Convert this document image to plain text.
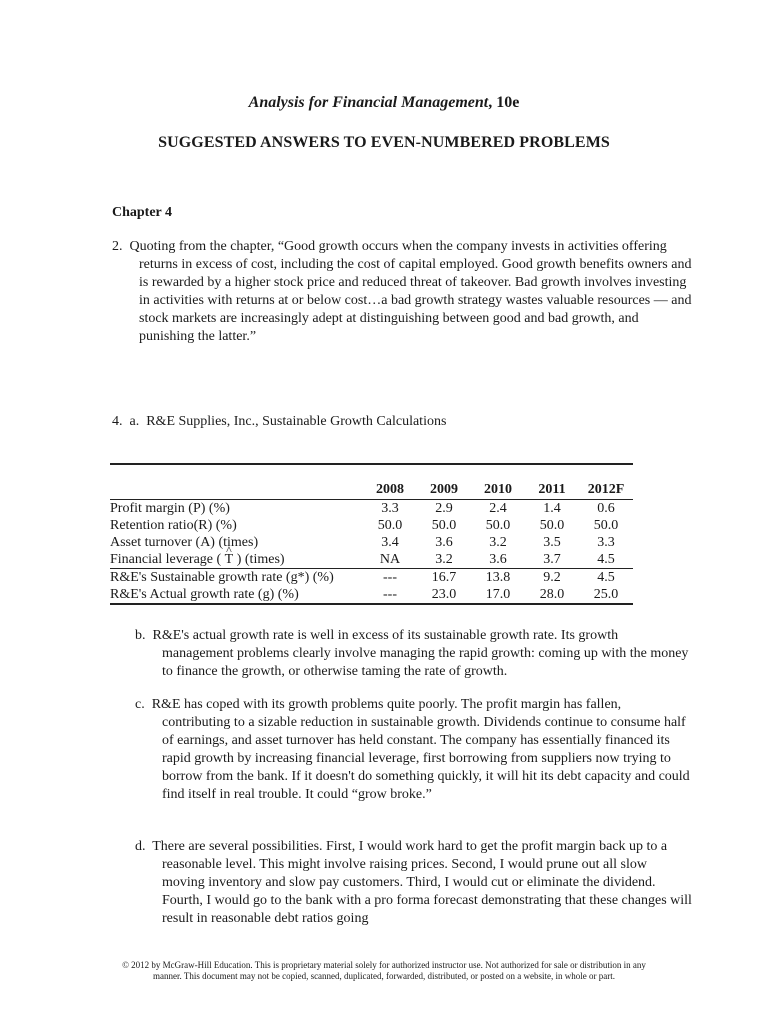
Analysis for Financial Management, 10e
SUGGESTED ANSWERS TO EVEN-NUMBERED PROBLEMS
Chapter 4
2. Quoting from the chapter, “Good growth occurs when the company invests in activities offering returns in excess of cost, including the cost of capital employed. Good growth benefits owners and is rewarded by a higher stock price and reduced threat of takeover. Bad growth involves investing in activities with returns at or below cost…a bad growth strategy wastes valuable resources — and stock markets are increasingly adept at distinguishing between good and bad growth, and punishing the latter.”
4. a. R&E Supplies, Inc., Sustainable Growth Calculations

	2008	2009	2010	2011	2012F
Profit margin (P) (%)	3.3	2.9	2.4	1.4	0.6
Retention ratio(R) (%)	50.0	50.0	50.0	50.0	50.0
Asset turnover (A) (times)	3.4	3.6	3.2	3.5	3.3
Financial leverage ( ^ T ) (times)	NA	3.2	3.6	3.7	4.5
R&E's Sustainable growth rate (g*) (%)	---	16.7	13.8	9.2	4.5
R&E's Actual growth rate (g) (%)	---	23.0	17.0	28.0	25.0
b. R&E's actual growth rate is well in excess of its sustainable growth rate. Its growth management problems clearly involve managing the rapid growth: coming up with the money to finance the growth, or otherwise taming the rate of growth.
c. R&E has coped with its growth problems quite poorly. The profit margin has fallen, contributing to a sizable reduction in sustainable growth. Dividends continue to consume half of earnings, and asset turnover has held constant. The company has essentially financed its rapid growth by increasing financial leverage, first borrowing from suppliers now trying to borrow from the bank. If it doesn't do something quickly, it will hit its debt capacity and could find itself in real trouble. It could “grow broke.”
d. There are several possibilities. First, I would work hard to get the profit margin back up to a reasonable level. This might involve raising prices. Second, I would prune out all slow moving inventory and slow pay customers. Third, I would cut or eliminate the dividend. Fourth, I would go to the bank with a pro forma forecast demonstrating that these changes will result in reasonable debt ratios going
© 2012 by McGraw-Hill Education. This is proprietary material solely for authorized instructor use. Not authorized for sale or distribution in any manner. This document may not be copied, scanned, duplicated, forwarded, distributed, or posted on a website, in whole or part.
